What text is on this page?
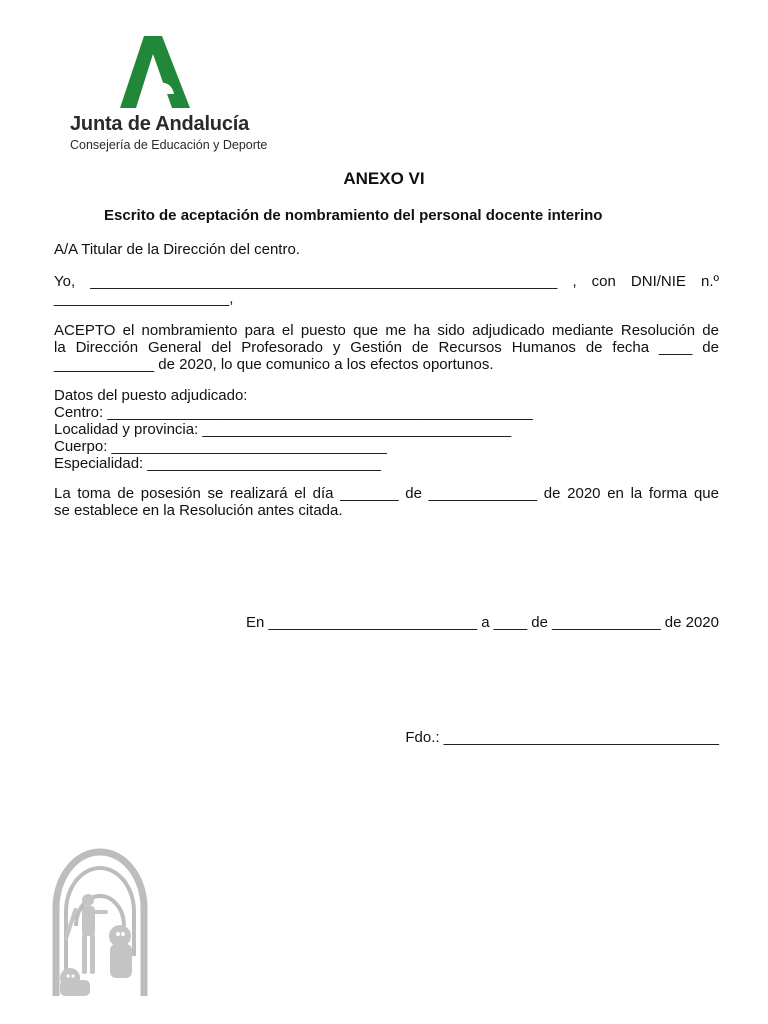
Junta de Andalucía
Consejería de Educación y Deporte
ANEXO VI
Escrito de aceptación de nombramiento del personal docente interino
A/A Titular de la Dirección del centro.
Yo, ________________________________________________________ , con DNI/NIE n.º
_____________________,
ACEPTO el nombramiento para el puesto que me ha sido adjudicado mediante Resolución de
la Dirección General del Profesorado y Gestión de Recursos Humanos de fecha ____ de
____________ de 2020, lo que comunico a los efectos oportunos.
Datos del puesto adjudicado:
Centro: ___________________________________________________
Localidad y provincia: _____________________________________
Cuerpo: _________________________________
Especialidad: ____________________________
La toma de posesión se realizará el día _______ de _____________ de 2020 en la forma que
se establece en la Resolución antes citada.
En _________________________ a ____ de _____________ de 2020
Fdo.: _________________________________
